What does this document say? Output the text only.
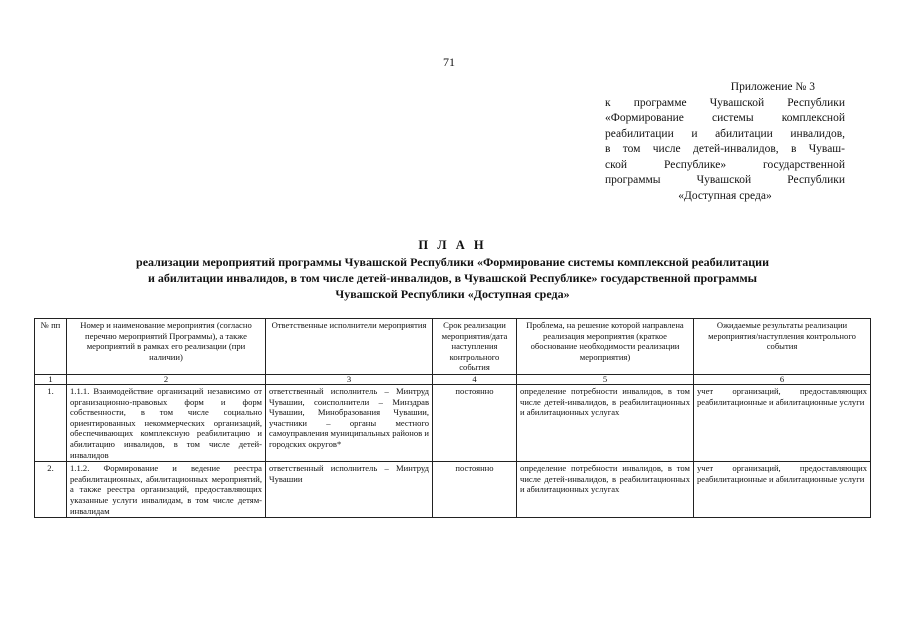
71
Приложение № 3
к программе Чувашской Республики
«Формирование системы комплексной
реабилитации и абилитации инвалидов,
в том числе детей-инвалидов, в Чуваш-
ской Республике» государственной
программы Чувашской Республики
«Доступная среда»
П Л А Н
реализации мероприятий программы Чувашской Республики «Формирование системы комплексной реабилитации
и абилитации инвалидов, в том числе детей-инвалидов, в Чувашской Республике» государственной программы
Чувашской Республики «Доступная среда»
№ пп	Номер и наименование мероприятия (согласно перечню мероприятий Программы), а также мероприятий в рамках его реализации (при наличии)	Ответственные исполнители мероприятия	Срок реализации мероприятия/дата наступления контрольного события	Проблема, на решение которой направлена реализация мероприятия (краткое обоснование необходимости реализации мероприятия)	Ожидаемые результаты реализации мероприятия/наступления контрольного события
1	2	3	4	5	6
1.	1.1.1. Взаимодействие организаций независимо от организационно-правовых форм и форм собственности, в том числе социально ориентированных некоммерческих организаций, обеспечивающих комплексную реабилитацию и абилитацию инвалидов, в том числе детей-инвалидов	ответственный исполнитель – Минтруд Чувашии, соисполнители – Минздрав Чувашии, Минобразования Чувашии, участники – органы местного самоуправления муниципальных районов и городских округов*	постоянно	определение потребности инвалидов, в том числе детей-инвалидов, в реабилитационных и абилитационных услугах	учет организаций, предоставляющих реабилитационные и абилитационные услуги
2.	1.1.2. Формирование и ведение реестра реабилитационных, абилитационных мероприятий, а также реестра организаций, предоставляющих указанные услуги инвалидам, в том числе детям-инвалидам	ответственный исполнитель – Минтруд Чувашии	постоянно	определение потребности инвалидов, в том числе детей-инвалидов, в реабилитационных и абилитационных услугах	учет организаций, предоставляющих реабилитационные и абилитационные услуги
